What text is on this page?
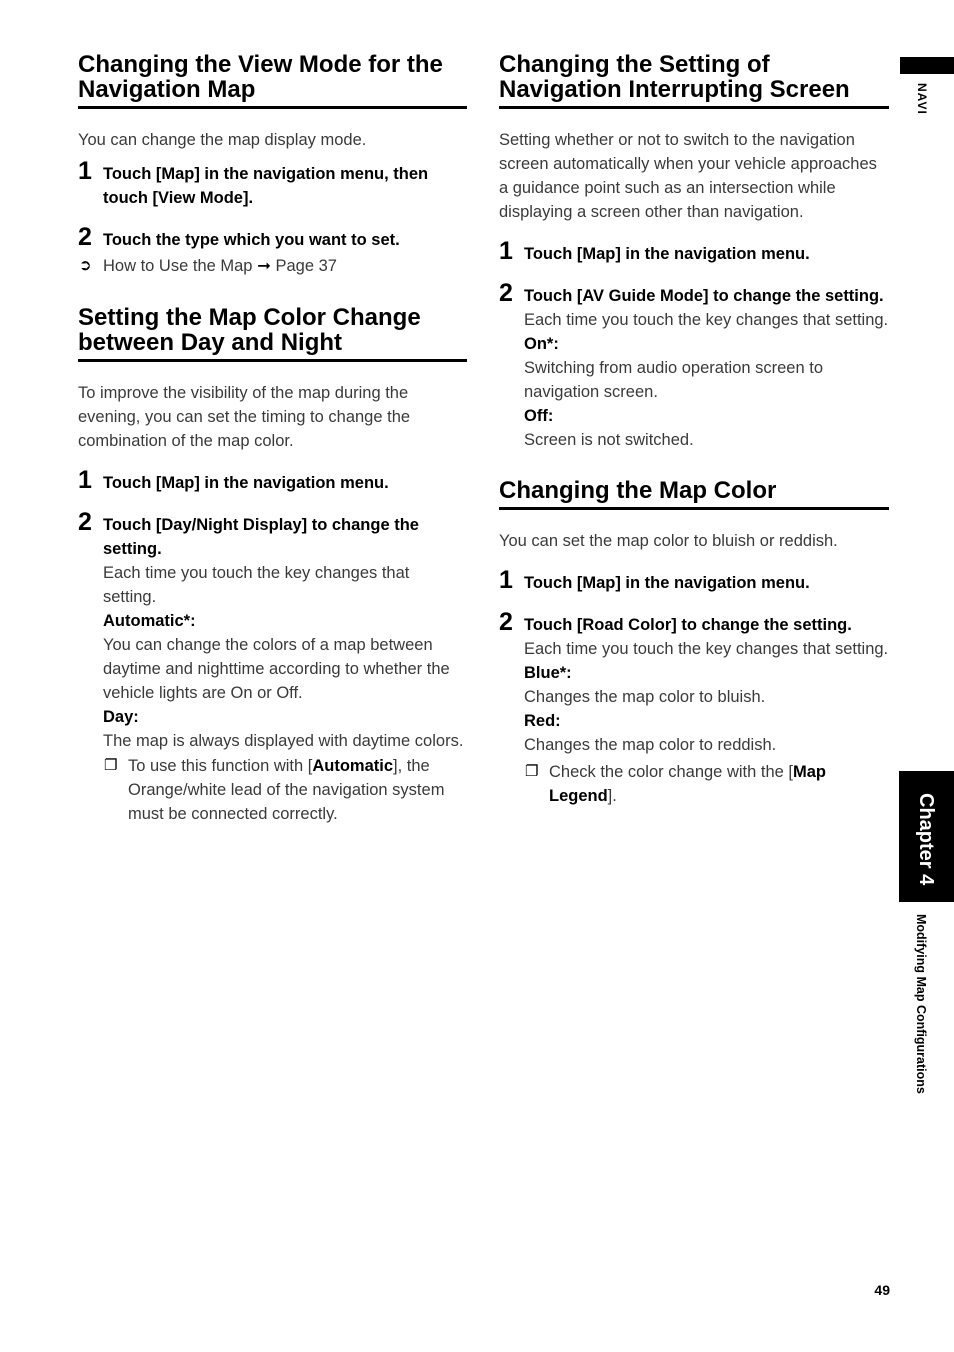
Changing the View Mode for the Navigation Map
You can change the map display mode.
1 Touch [Map] in the navigation menu, then touch [View Mode].
2 Touch the type which you want to set.
➲ How to Use the Map ➞ Page 37
Setting the Map Color Change between Day and Night
To improve the visibility of the map during the evening, you can set the timing to change the combination of the map color.
1 Touch [Map] in the navigation menu.
2 Touch [Day/Night Display] to change the setting.
Each time you touch the key changes that setting.
Automatic*:
You can change the colors of a map between daytime and nighttime according to whether the vehicle lights are On or Off.
Day:
The map is always displayed with daytime colors.
❐ To use this function with [Automatic], the Orange/white lead of the navigation system must be connected correctly.
Changing the Setting of Navigation Interrupting Screen
Setting whether or not to switch to the navigation screen automatically when your vehicle approaches a guidance point such as an intersection while displaying a screen other than navigation.
1 Touch [Map] in the navigation menu.
2 Touch [AV Guide Mode] to change the setting.
Each time you touch the key changes that setting.
On*:
Switching from audio operation screen to navigation screen.
Off:
Screen is not switched.
Changing the Map Color
You can set the map color to bluish or reddish.
1 Touch [Map] in the navigation menu.
2 Touch [Road Color] to change the setting.
Each time you touch the key changes that setting.
Blue*:
Changes the map color to bluish.
Red:
Changes the map color to reddish.
❐ Check the color change with the [Map Legend].
NAVI
Chapter 4
Modifying Map Configurations
49
